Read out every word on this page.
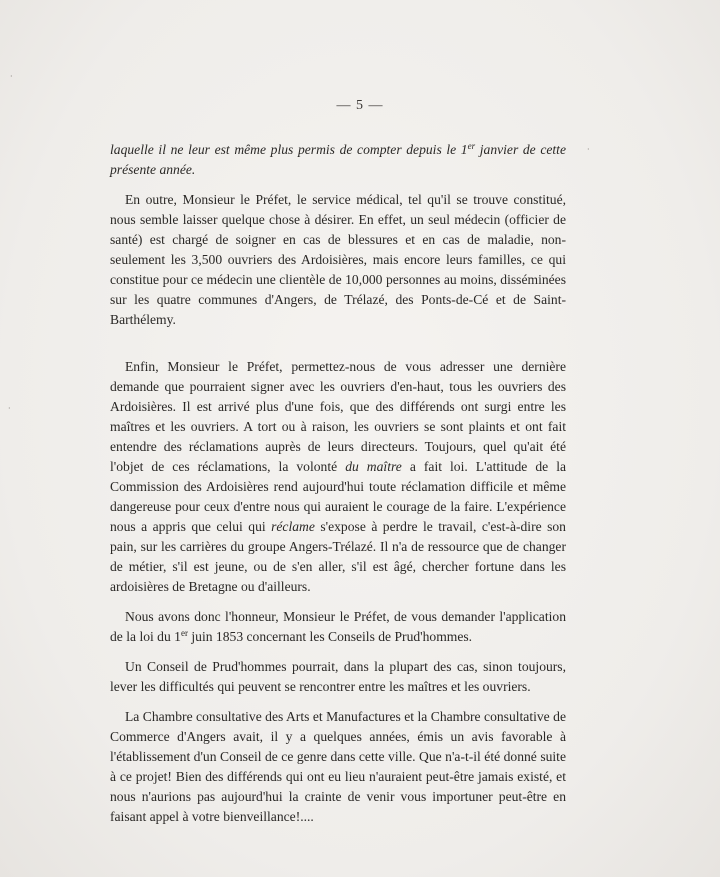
— 5 —

laquelle il ne leur est même plus permis de compter depuis le 1er janvier de cette présente année.

En outre, Monsieur le Préfet, le service médical, tel qu'il se trouve constitué, nous semble laisser quelque chose à désirer. En effet, un seul médecin (officier de santé) est chargé de soigner en cas de blessures et en cas de maladie, non-seulement les 3,500 ouvriers des Ardoisières, mais encore leurs familles, ce qui constitue pour ce médecin une clientèle de 10,000 personnes au moins, disséminées sur les quatre communes d'Angers, de Trélazé, des Ponts-de-Cé et de Saint-Barthélemy.

Enfin, Monsieur le Préfet, permettez-nous de vous adresser une dernière demande que pourraient signer avec les ouvriers d'en-haut, tous les ouvriers des Ardoisières. Il est arrivé plus d'une fois, que des différends ont surgi entre les maîtres et les ouvriers. A tort ou à raison, les ouvriers se sont plaints et ont fait entendre des réclamations auprès de leurs directeurs. Toujours, quel qu'ait été l'objet de ces réclamations, la volonté du maître a fait loi. L'attitude de la Commission des Ardoisières rend aujourd'hui toute réclamation difficile et même dangereuse pour ceux d'entre nous qui auraient le courage de la faire. L'expérience nous a appris que celui qui réclame s'expose à perdre le travail, c'est-à-dire son pain, sur les carrières du groupe Angers-Trélazé. Il n'a de ressource que de changer de métier, s'il est jeune, ou de s'en aller, s'il est âgé, chercher fortune dans les ardoisières de Bretagne ou d'ailleurs.

Nous avons donc l'honneur, Monsieur le Préfet, de vous demander l'application de la loi du 1er juin 1853 concernant les Conseils de Prud'hommes.

Un Conseil de Prud'hommes pourrait, dans la plupart des cas, sinon toujours, lever les difficultés qui peuvent se rencontrer entre les maîtres et les ouvriers.

La Chambre consultative des Arts et Manufactures et la Chambre consultative de Commerce d'Angers avait, il y a quelques années, émis un avis favorable à l'établissement d'un Conseil de ce genre dans cette ville. Que n'a-t-il été donné suite à ce projet! Bien des différends qui ont eu lieu n'auraient peut-être jamais existé, et nous n'aurions pas aujourd'hui la crainte de venir vous importuner peut-être en faisant appel à votre bienveillance!....

·
·
·
